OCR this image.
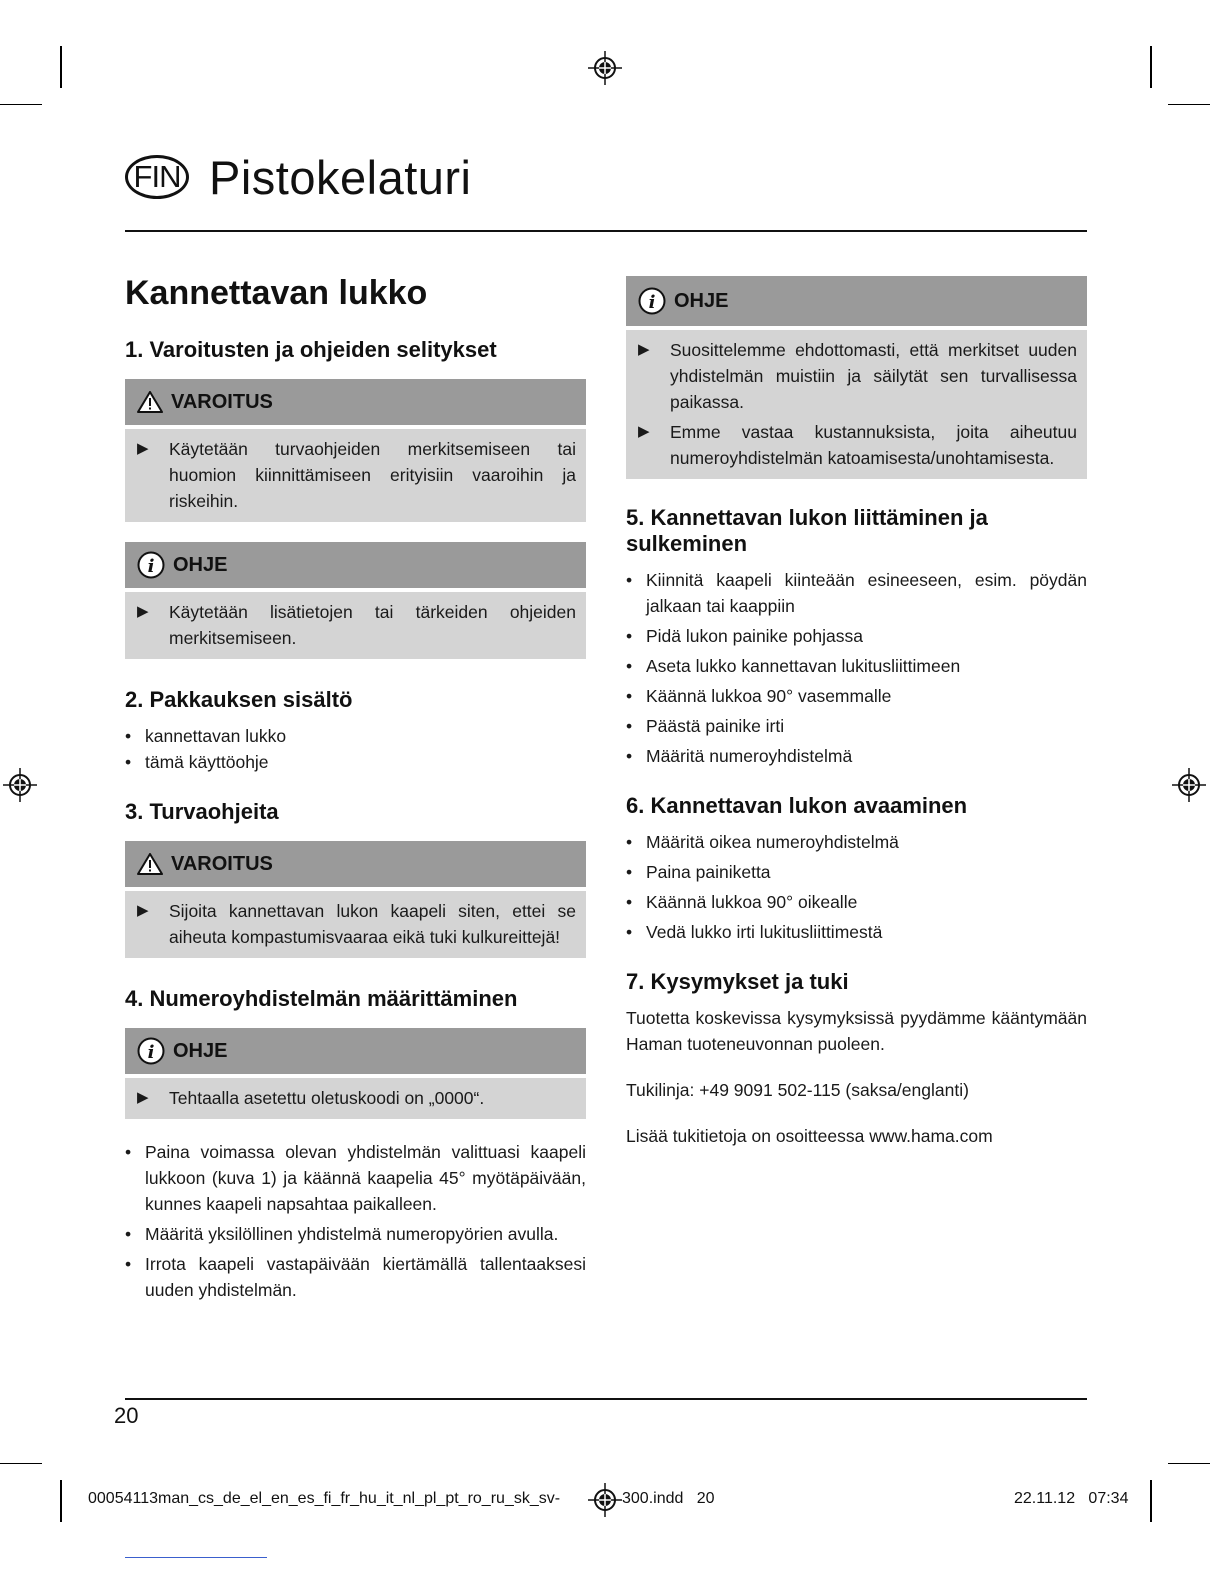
FIN Pistokelaturi
Kannettavan lukko
1. Varoitusten ja ohjeiden selitykset
VAROITUS
▶	Käytetään turvaohjeiden merkitsemiseen tai huomion kiinnittämiseen erityisiin vaaroihin ja riskeihin.
i OHJE
▶	Käytetään lisätietojen tai tärkeiden ohjeiden merkitsemiseen.
2. Pakkauksen sisältö
• kannettavan lukko
• tämä käyttöohje
3. Turvaohjeita
VAROITUS
▶	Sijoita kannettavan lukon kaapeli siten, ettei se aiheuta kompastumisvaaraa eikä tuki kulkureittejä!
4. Numeroyhdistelmän määrittäminen
i OHJE
▶	Tehtaalla asetettu oletuskoodi on „0000“.
• Paina voimassa olevan yhdistelmän valittuasi kaapeli lukkoon (kuva 1) ja käännä kaapelia 45° myötäpäivään, kunnes kaapeli napsahtaa paikalleen.
• Määritä yksilöllinen yhdistelmä numeropyörien avulla.
• Irrota kaapeli vastapäivään kiertämällä tallentaaksesi uuden yhdistelmän.
i OHJE
▶	Suosittelemme ehdottomasti, että merkitset uuden yhdistelmän muistiin ja säilytät sen turvallisessa paikassa.
▶	Emme vastaa kustannuksista, joita aiheutuu numeroyhdistelmän katoamisesta/unohtamisesta.
5. Kannettavan lukon liittäminen ja sulkeminen
• Kiinnitä kaapeli kiinteään esineeseen, esim. pöydän jalkaan tai kaappiin
• Pidä lukon painike pohjassa
• Aseta lukko kannettavan lukitusliittimeen
• Käännä lukkoa 90° vasemmalle
• Päästä painike irti
• Määritä numeroyhdistelmä
6. Kannettavan lukon avaaminen
• Määritä oikea numeroyhdistelmä
• Paina painiketta
• Käännä lukkoa 90° oikealle
• Vedä lukko irti lukitusliittimestä
7. Kysymykset ja tuki

Tuotetta koskevissa kysymyksissä pyydämme kääntymään Haman tuoteneuvonnan puoleen.

Tukilinja: +49 9091 502-115 (saksa/englanti)

Lisää tukitietoja on osoitteessa www.hama.com

20
00054113man_cs_de_el_en_es_fi_fr_hu_it_nl_pl_pt_ro_ru_sk_sv-	300.indd   20	22.11.12   07:34
